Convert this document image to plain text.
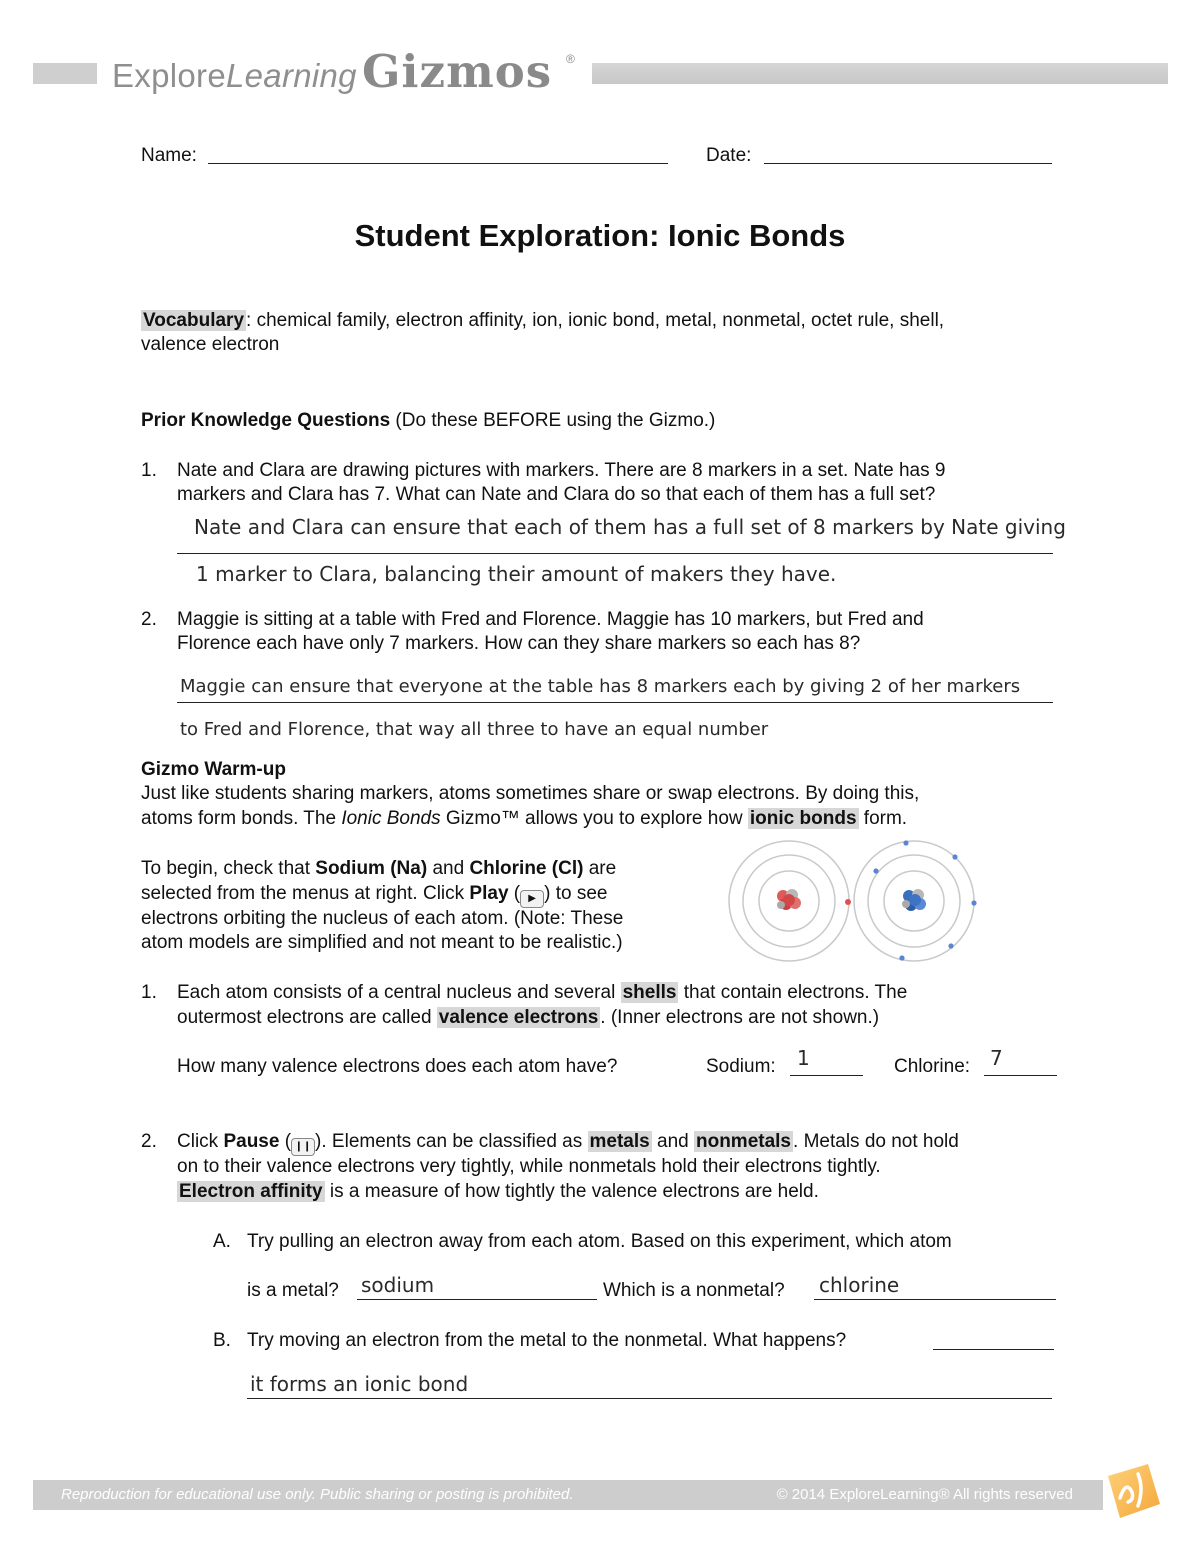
ExploreLearning Gizmos ®
Name:	Date:
Student Exploration: Ionic Bonds
Vocabulary : chemical family, electron affinity, ion, ionic bond, metal, nonmetal, octet rule, shell,
valence electron
Prior Knowledge Questions (Do these BEFORE using the Gizmo.)
1. Nate and Clara are drawing pictures with markers. There are 8 markers in a set. Nate has 9
markers and Clara has 7. What can Nate and Clara do so that each of them has a full set?
Nate and Clara can ensure that each of them has a full set of 8 markers by Nate giving
1 marker to Clara, balancing their amount of makers they have.
2. Maggie is sitting at a table with Fred and Florence. Maggie has 10 markers, but Fred and
Florence each have only 7 markers. How can they share markers so each has 8?
Maggie can ensure that everyone at the table has 8 markers each by giving 2 of her markers
to Fred and Florence, that way all three to have an equal number
Gizmo Warm-up
Just like students sharing markers, atoms sometimes share or swap electrons. By doing this,
atoms form bonds. The Ionic Bonds Gizmo™ allows you to explore how ionic bonds form.
To begin, check that Sodium (Na) and Chlorine (Cl) are
selected from the menus at right. Click Play ( ▶ ) to see
electrons orbiting the nucleus of each atom. (Note: These
atom models are simplified and not meant to be realistic.)
1. Each atom consists of a central nucleus and several shells that contain electrons. The
outermost electrons are called valence electrons . (Inner electrons are not shown.)
How many valence electrons does each atom have?	Sodium: 1	Chlorine: 7
2. Click Pause ( ❙❙ ). Elements can be classified as metals and nonmetals . Metals do not hold
on to their valence electrons very tightly, while nonmetals hold their electrons tightly.
Electron affinity is a measure of how tightly the valence electrons are held.
A. Try pulling an electron away from each atom. Based on this experiment, which atom
is a metal? sodium	Which is a nonmetal? chlorine
B. Try moving an electron from the metal to the nonmetal. What happens?
it forms an ionic bond
Reproduction for educational use only. Public sharing or posting is prohibited.	© 2014 ExploreLearning® All rights reserved
